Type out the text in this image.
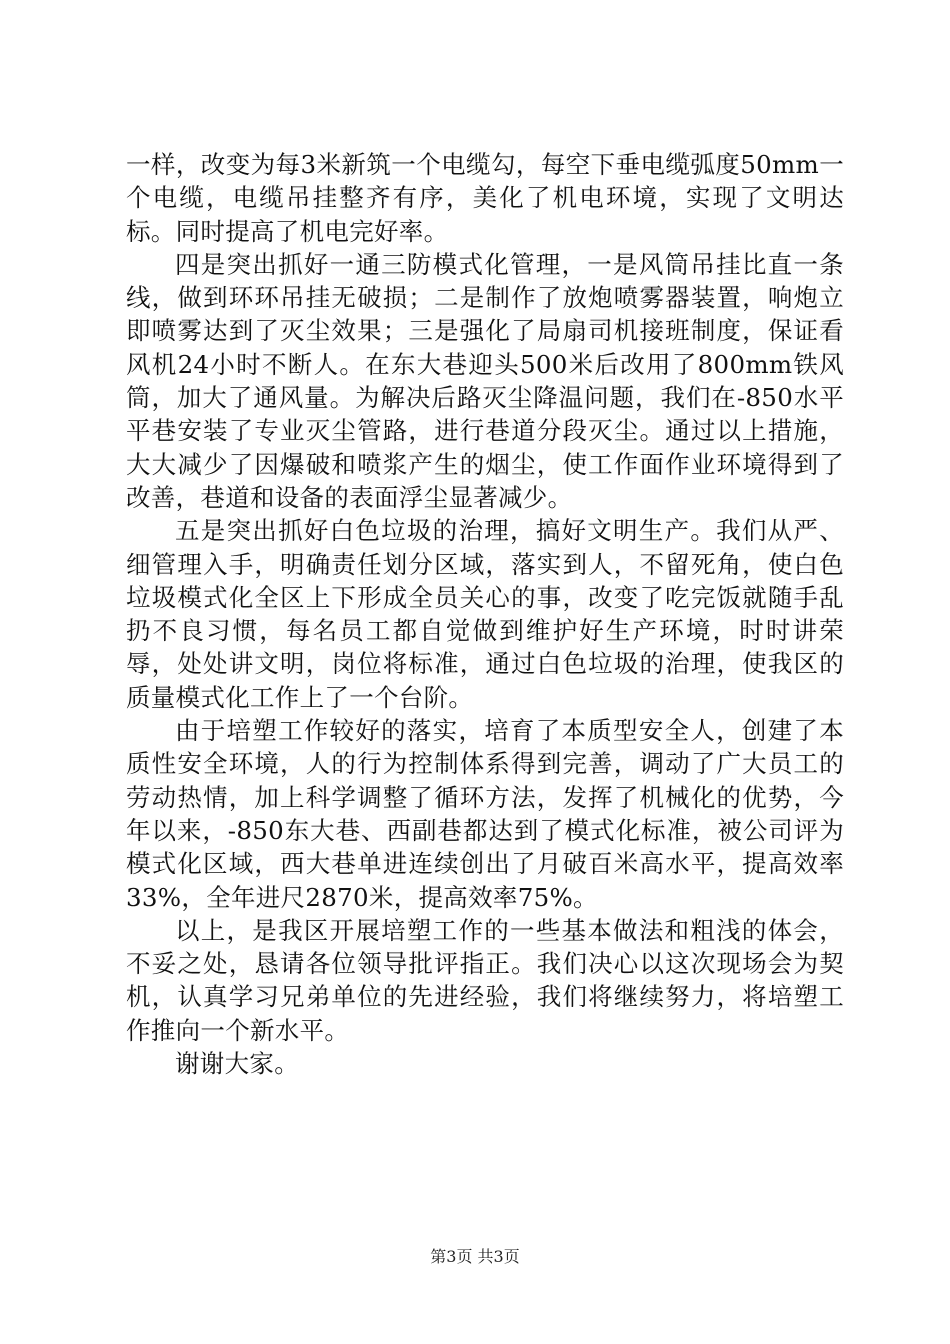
一样，改变为每3米新筑一个电缆勾，每空下垂电缆弧度50mm一个电缆，电缆吊挂整齐有序，美化了机电环境，实现了文明达标。同时提高了机电完好率。

四是突出抓好一通三防模式化管理，一是风筒吊挂比直一条线，做到环环吊挂无破损；二是制作了放炮喷雾器装置，响炮立即喷雾达到了灭尘效果；三是强化了局扇司机接班制度，保证看风机24小时不断人。在东大巷迎头500米后改用了800mm铁风筒，加大了通风量。为解决后路灭尘降温问题，我们在-850水平平巷安装了专业灭尘管路，进行巷道分段灭尘。通过以上措施，大大减少了因爆破和喷浆产生的烟尘，使工作面作业环境得到了改善，巷道和设备的表面浮尘显著减少。

五是突出抓好白色垃圾的治理，搞好文明生产。我们从严、细管理入手，明确责任划分区域，落实到人，不留死角，使白色垃圾模式化全区上下形成全员关心的事，改变了吃完饭就随手乱扔不良习惯，每名员工都自觉做到维护好生产环境，时时讲荣辱，处处讲文明，岗位将标准，通过白色垃圾的治理，使我区的质量模式化工作上了一个台阶。

由于培塑工作较好的落实，培育了本质型安全人，创建了本质性安全环境，人的行为控制体系得到完善，调动了广大员工的劳动热情，加上科学调整了循环方法，发挥了机械化的优势，今年以来，-850东大巷、西副巷都达到了模式化标准，被公司评为模式化区域，西大巷单进连续创出了月破百米高水平，提高效率33%，全年进尺2870米，提高效率75%。

以上，是我区开展培塑工作的一些基本做法和粗浅的体会，不妥之处，恳请各位领导批评指正。我们决心以这次现场会为契机，认真学习兄弟单位的先进经验，我们将继续努力，将培塑工作推向一个新水平。

谢谢大家。

第3页 共3页
